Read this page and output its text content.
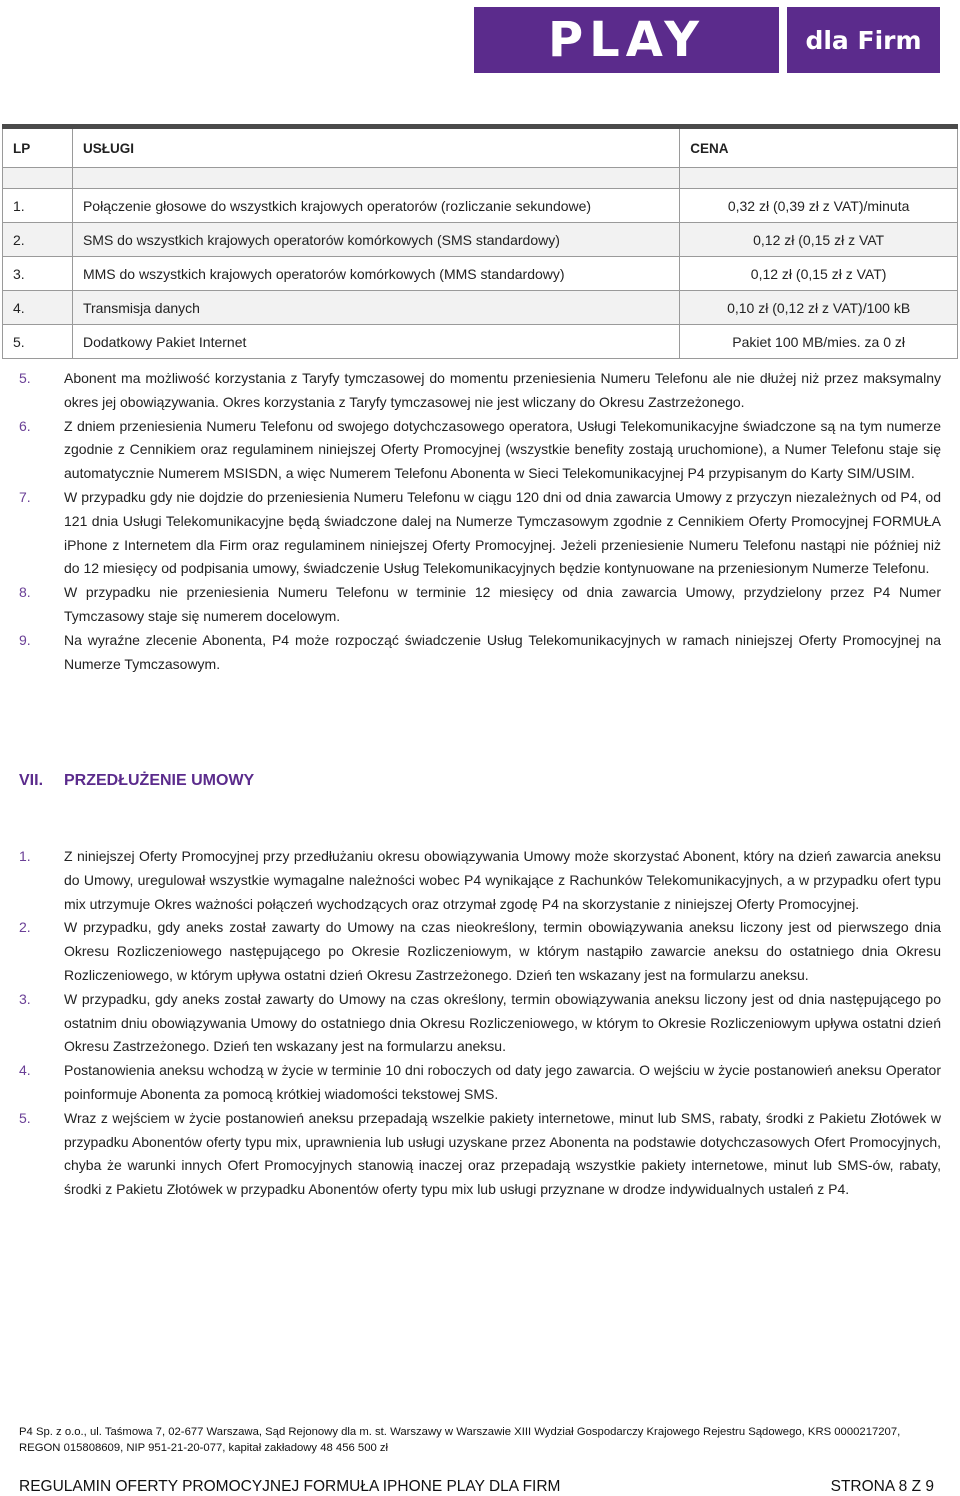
PLAY	dla Firm
LP	USŁUGI	CENA

1.	Połączenie głosowe do wszystkich krajowych operatorów (rozliczanie sekundowe)	0,32 zł (0,39 zł z VAT)/minuta
2.	SMS do wszystkich krajowych operatorów komórkowych (SMS standardowy)	0,12 zł (0,15 zł z VAT
3.	MMS do wszystkich krajowych operatorów komórkowych (MMS standardowy)	0,12 zł (0,15 zł z VAT)
4.	Transmisja danych	0,10 zł (0,12 zł z VAT)/100 kB
5.	Dodatkowy Pakiet Internet	Pakiet 100 MB/mies. za 0 zł
5.	Abonent ma możliwość korzystania z Taryfy tymczasowej do momentu przeniesienia Numeru Telefonu ale nie dłużej niż przez maksymalny okres jej obowiązywania. Okres korzystania z Taryfy tymczasowej nie jest wliczany do Okresu Zastrzeżonego.
6.	Z dniem przeniesienia Numeru Telefonu od swojego dotychczasowego operatora, Usługi Telekomunikacyjne świadczone są na tym numerze zgodnie z Cennikiem oraz regulaminem niniejszej Oferty Promocyjnej (wszystkie benefity zostają uruchomione), a Numer Telefonu staje się automatycznie Numerem MSISDN, a więc Numerem Telefonu Abonenta w Sieci Telekomunikacyjnej P4 przypisanym do Karty SIM/USIM.
7.	W przypadku gdy nie dojdzie do przeniesienia Numeru Telefonu w ciągu 120 dni od dnia zawarcia Umowy z przyczyn niezależnych od P4, od 121 dnia Usługi Telekomunikacyjne będą świadczone dalej na Numerze Tymczasowym zgodnie z Cennikiem Oferty Promocyjnej FORMUŁA iPhone z Internetem dla Firm oraz regulaminem niniejszej Oferty Promocyjnej. Jeżeli przeniesienie Numeru Telefonu nastąpi nie później niż do 12 miesięcy od podpisania umowy, świadczenie Usług Telekomunikacyjnych będzie kontynuowane na przeniesionym Numerze Telefonu.
8.	W przypadku nie przeniesienia Numeru Telefonu w terminie 12 miesięcy od dnia zawarcia Umowy, przydzielony przez P4 Numer Tymczasowy staje się numerem docelowym.
9.	Na wyraźne zlecenie Abonenta, P4 może rozpocząć świadczenie Usług Telekomunikacyjnych w ramach niniejszej Oferty Promocyjnej na Numerze Tymczasowym.
VII.	PRZEDŁUŻENIE UMOWY
1.	Z niniejszej Oferty Promocyjnej przy przedłużaniu okresu obowiązywania Umowy może skorzystać Abonent, który na dzień zawarcia aneksu do Umowy, uregulował wszystkie wymagalne należności wobec P4 wynikające z Rachunków Telekomunikacyjnych, a w przypadku ofert typu mix utrzymuje Okres ważności połączeń wychodzących oraz otrzymał zgodę P4 na skorzystanie z niniejszej Oferty Promocyjnej.
2.	W przypadku, gdy aneks został zawarty do Umowy na czas nieokreślony, termin obowiązywania aneksu liczony jest od pierwszego dnia Okresu Rozliczeniowego następującego po Okresie Rozliczeniowym, w którym nastąpiło zawarcie aneksu do ostatniego dnia Okresu Rozliczeniowego, w którym upływa ostatni dzień Okresu Zastrzeżonego. Dzień ten wskazany jest na formularzu aneksu.
3.	W przypadku, gdy aneks został zawarty do Umowy na czas określony, termin obowiązywania aneksu liczony jest od dnia następującego po ostatnim dniu obowiązywania Umowy do ostatniego dnia Okresu Rozliczeniowego, w którym to Okresie Rozliczeniowym upływa ostatni dzień Okresu Zastrzeżonego. Dzień ten wskazany jest na formularzu aneksu.
4.	Postanowienia aneksu wchodzą w życie w terminie 10 dni roboczych od daty jego zawarcia. O wejściu w życie postanowień aneksu Operator poinformuje Abonenta za pomocą krótkiej wiadomości tekstowej SMS.
5.	Wraz z wejściem w życie postanowień aneksu przepadają wszelkie pakiety internetowe, minut lub SMS, rabaty, środki z Pakietu Złotówek w przypadku Abonentów oferty typu mix, uprawnienia lub usługi uzyskane przez Abonenta na podstawie dotychczasowych Ofert Promocyjnych, chyba że warunki innych Ofert Promocyjnych stanowią inaczej oraz przepadają wszystkie pakiety internetowe, minut lub SMS-ów, rabaty, środki z Pakietu Złotówek w przypadku Abonentów oferty typu mix lub usługi przyznane w drodze indywidualnych ustaleń z P4.
P4 Sp. z o.o., ul. Taśmowa 7, 02-677 Warszawa, Sąd Rejonowy dla m. st. Warszawy w Warszawie XIII Wydział Gospodarczy Krajowego Rejestru Sądowego, KRS 0000217207,
REGON 015808609, NIP 951-21-20-077, kapitał zakładowy 48 456 500 zł
REGULAMIN OFERTY PROMOCYJNEJ FORMUŁA IPHONE PLAY DLA FIRM	STRONA 8 Z 9
